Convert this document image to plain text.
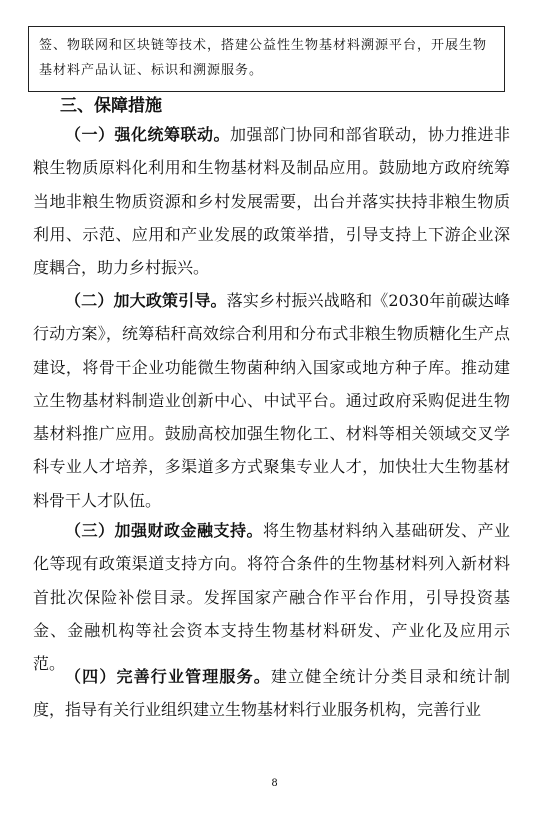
签、物联网和区块链等技术，搭建公益性生物基材料溯源平台，开展生物基材料产品认证、标识和溯源服务。
三、保障措施

（一）强化统筹联动。加强部门协同和部省联动，协力推进非粮生物质原料化利用和生物基材料及制品应用。鼓励地方政府统筹当地非粮生物质资源和乡村发展需要，出台并落实扶持非粮生物质利用、示范、应用和产业发展的政策举措，引导支持上下游企业深度耦合，助力乡村振兴。

（二）加大政策引导。落实乡村振兴战略和《2030年前碳达峰行动方案》，统筹秸秆高效综合利用和分布式非粮生物质糖化生产点建设，将骨干企业功能微生物菌种纳入国家或地方种子库。推动建立生物基材料制造业创新中心、中试平台。通过政府采购促进生物基材料推广应用。鼓励高校加强生物化工、材料等相关领域交叉学科专业人才培养，多渠道多方式聚集专业人才，加快壮大生物基材料骨干人才队伍。

（三）加强财政金融支持。将生物基材料纳入基础研发、产业化等现有政策渠道支持方向。将符合条件的生物基材料列入新材料首批次保险补偿目录。发挥国家产融合作平台作用，引导投资基金、金融机构等社会资本支持生物基材料研发、产业化及应用示范。

（四）完善行业管理服务。建立健全统计分类目录和统计制度，指导有关行业组织建立生物基材料行业服务机构，完善行业

8
